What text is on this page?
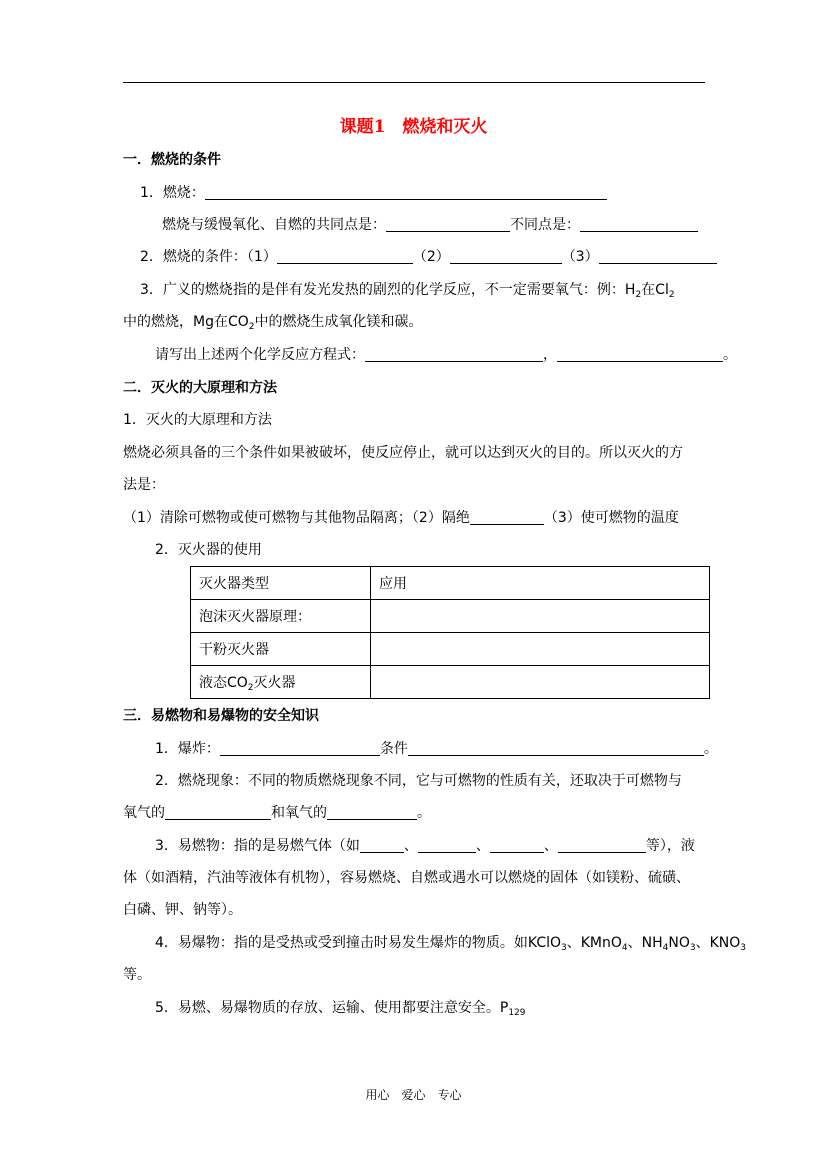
课题1　燃烧和灭火
一．燃烧的条件
1．燃烧：
燃烧与缓慢氧化、自燃的共同点是：	不同点是：
2．燃烧的条件：（1）	（2）	（3）
3．广义的燃烧指的是伴有发光发热的剧烈的化学反应，不一定需要氧气：例：$H_2$在$Cl_2$
中的燃烧，Mg在$CO_2$中的燃烧生成氧化镁和碳。
请写出上述两个化学反应方程式：	，	。
二．灭火的大原理和方法
1．灭火的大原理和方法
燃烧必须具备的三个条件如果被破坏，使反应停止，就可以达到灭火的目的。所以灭火的方
法是：
（1）清除可燃物或使可燃物与其他物品隔离；（2）隔绝	（3）使可燃物的温度
2．灭火器的使用
灭火器类型	应用
泡沫灭火器原理：	
干粉灭火器	
液态$CO_2$灭火器	
三．易燃物和易爆物的安全知识
1．爆炸：	条件	。
2．燃烧现象：不同的物质燃烧现象不同，它与可燃物的性质有关，还取决于可燃物与
氧气的	和氧气的	。
3．易燃物：指的是易燃气体（如	、	、	、	等），液
体（如酒精，汽油等液体有机物），容易燃烧、自燃或遇水可以燃烧的固体（如镁粉、硫磺、
白磷、钾、钠等）。
4．易爆物：指的是受热或受到撞击时易发生爆炸的物质。如KClO$_3$、KMnO$_4$、$NH_4NO_3$、$KNO_3$
等。
5．易燃、易爆物质的存放、运输、使用都要注意安全。$P_{129}$
用心　爱心　专心
